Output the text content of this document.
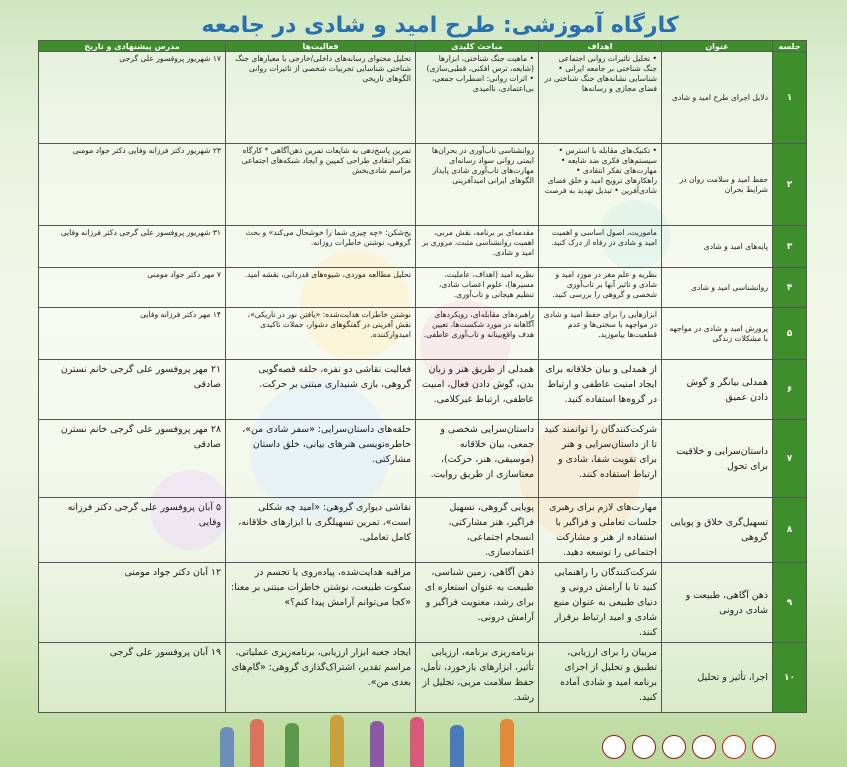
کارگاه آموزشی: طرح امید و شادی در جامعه
جلسه	عنوان	اهداف	مباحث کلیدی	فعالیت‌ها	مدرس پیشنهادی و تاریخ
۱	دلایل اجرای طرح امید و شادی	• تحلیل تاثیرات روانی اجتماعی جنگ شناختی بر جامعه ایرانی • شناسایی نشانه‌های جنگ شناختی در فضای مجازی و رسانه‌ها	• ماهیت جنگ شناختی، ابزارها (شایعه، ترس افکنی، قطبی‌سازی) • اثرات روانی: اضطراب جمعی، بی‌اعتمادی، ناامیدی	تحلیل محتوای رسانه‌های داخلی/خارجی با معیارهای جنگ شناختی شناسایی تجربیات شخصی از تاثیرات روانی الگوهای تاریخی	۱۷ شهریور پروفسور علی گرجی
۲	حفظ امید و سلامت روان در شرایط بحران	• تکنیک‌های مقابله با استرس • سیستم‌های فکری ضد شایعه • مهارت‌های تفکر انتقادی • راهکارهای ترویج امید و خلق فضای شادی‌آفرین • تبدیل تهدید به فرصت	روانشناسی تاب‌آوری در بحران‌ها ایمنی روانی سواد رسانه‌ای مهارت‌های تاب‌آوری شادی پایدار الگوهای ایرانی امیدآفرینی	تمرین پاسخ‌دهی به شایعات تمرین ذهن‌آگاهی * کارگاه تفکر انتقادی طراحی کمپین و ایجاد شبکه‌های اجتماعی مراسم شادی‌بخش	۲۳ شهریور دکتر فرزانه وفایی دکتر جواد مومنی
۳	پایه‌های امید و شادی	ماموریت، اصول اساسی و اهمیت امید و شادی در رفاه از درک کنید.	مقدمه‌ای بر برنامه، نقش مربی، اهمیت روانشناسی مثبت، مروری بر امید و شادی.	یخ‌شکن: «چه چیزی شما را خوشحال می‌کند» و بحث گروهی، نوشتن خاطرات روزانه.	۳۱ شهریور پروفسور علی گرجی دکتر فرزانه وفایی
۴	روانشناسی امید و شادی	نظریه و علم مغز در مورد امید و شادی و تاثیر آنها بر تاب‌آوری شخصی و گروهی را بررسی کنید.	نظریه امید (اهداف، عاملیت، مسیرها)، علوم اعصاب شادی، تنظیم هیجانی و تاب‌آوری.	تحلیل مطالعه موردی، شیوه‌های قدردانی، نقشه امید.	۷ مهر دکتر جواد مومنی
۵	پرورش امید و شادی در مواجهه با مشکلات زندگی	ابزارهایی را برای حفظ امید و شادی در مواجهه با سختی‌ها و عدم قطعیت‌ها بیاموزید.	راهبردهای مقابله‌ای، رویکردهای آگاهانه در مورد شکست‌ها، تعیین هدف واقع‌بینانه و تاب‌آوری عاطفی.	نوشتن خاطرات هدایت‌شده: «یافتن نور در تاریکی»، نقش آفرینی در گفتگوهای دشوار، جملات تاکیدی امیدوارکننده.	۱۴ مهر دکتر فرزانه وفایی
۶	همدلی بیانگر و گوش دادن عمیق	از همدلی و بیان خلاقانه برای ایجاد امنیت عاطفی و ارتباط در گروه‌ها استفاده کنید.	همدلی از طریق هنر و زبان بدن، گوش دادن فعال، امنیت عاطفی، ارتباط غیرکلامی.	فعالیت نقاشی دو نفره، حلقه قصه‌گویی گروهی، بازی شنیداری مبتنی بر حرکت.	۲۱ مهر پروفسور علی گرجی خانم نسترن صادقی
۷	داستان‌سرایی و خلاقیت برای تحول	شرکت‌کنندگان را توانمند کنید تا از داستان‌سرایی و هنر برای تقویت شفا، شادی و ارتباط استفاده کنند.	داستان‌سرایی شخصی و جمعی، بیان خلاقانه (موسیقی، هنر، حرکت)، معناسازی از طریق روایت.	حلقه‌های داستان‌سرایی: «سفر شادی من»، خاطره‌نویسی هنرهای بیانی، خلق داستان مشارکتی.	۲۸ مهر پروفسور علی گرجی خانم نسترن صادقی
۸	تسهیل‌گری خلاق و پویایی گروهی	مهارت‌های لازم برای رهبری جلسات تعاملی و فراگیر با استفاده از هنر و مشارکت اجتماعی را توسعه دهید.	پویایی گروهی، تسهیل فراگیر، هنر مشارکتی، انسجام اجتماعی، اعتمادسازی.	نقاشی دیواری گروهی: «امید چه شکلی است»، تمرین تسهیلگری با ابزارهای خلاقانه، کامل تعاملی.	۵ آبان پروفسور علی گرجی دکتر فرزانه وفایی
۹	ذهن آگاهی، طبیعت و شادی درونی	شرکت‌کنندگان را راهنمایی کنید تا با آرامش درونی و دنیای طبیعی به عنوان منبع شادی و امید ارتباط برقرار کنند.	ذهن آگاهی، زمین شناسی، طبیعت به عنوان استعاره ای برای رشد، معنویت فراگیر و آرامش درونی.	مراقبه هدایت‌شده، پیاده‌روی یا تجسم در سکوت طبیعت، نوشتن خاطرات مبتنی بر معنا: «کجا می‌توانم آرامش پیدا کنم؟»	۱۲ آبان دکتر جواد مومنی
۱۰	اجرا، تأثیر و تحلیل	مربیان را برای ارزیابی، تطبیق و تحلیل از اجرای برنامه امید و شادی آماده کنید.	برنامه‌ریزی برنامه، ارزیابی تأثیر، ابزارهای بازخورد، تأمل، حفظ سلامت مربی، تجلیل از رشد.	ایجاد جعبه ابزار ارزیابی، برنامه‌ریزی عملیاتی، مراسم تقدیر، اشتراک‌گذاری گروهی: «گام‌های بعدی من».	۱۹ آبان پروفسور علی گرجی
